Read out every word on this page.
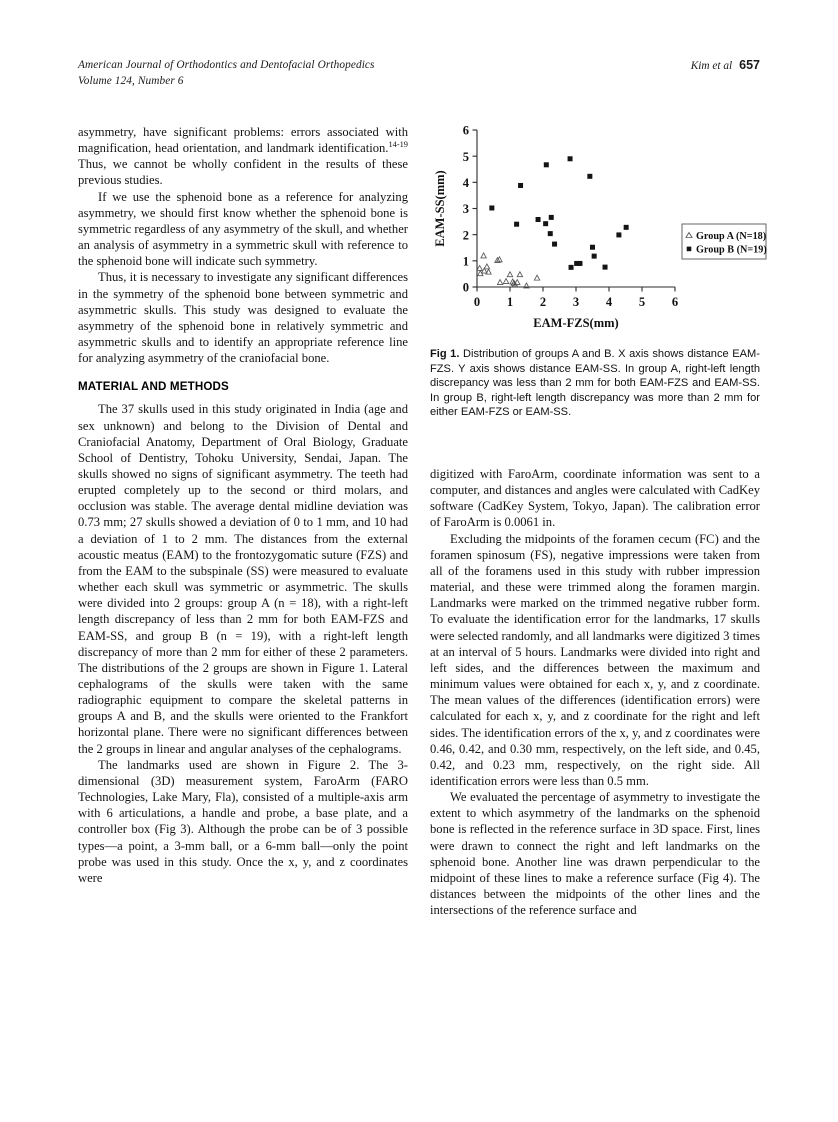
American Journal of Orthodontics and Dentofacial Orthopedics
Volume 124, Number 6
Kim et al 657

asymmetry, have significant problems: errors associated with magnification, head orientation, and landmark identification.$^{14-19}$ Thus, we cannot be wholly confident in the results of these previous studies.

If we use the sphenoid bone as a reference for analyzing asymmetry, we should first know whether the sphenoid bone is symmetric regardless of any asymmetry of the skull, and whether an analysis of asymmetry in a symmetric skull with reference to the sphenoid bone will indicate such symmetry.

Thus, it is necessary to investigate any significant differences in the symmetry of the sphenoid bone between symmetric and asymmetric skulls. This study was designed to evaluate the asymmetry of the sphenoid bone in relatively symmetric and asymmetric skulls and to identify an appropriate reference line for analyzing asymmetry of the craniofacial bone.

MATERIAL AND METHODS

The 37 skulls used in this study originated in India (age and sex unknown) and belong to the Division of Dental and Craniofacial Anatomy, Department of Oral Biology, Graduate School of Dentistry, Tohoku University, Sendai, Japan. The skulls showed no signs of significant asymmetry. The teeth had erupted completely up to the second or third molars, and occlusion was stable. The average dental midline deviation was 0.73 mm; 27 skulls showed a deviation of 0 to 1 mm, and 10 had a deviation of 1 to 2 mm. The distances from the external acoustic meatus (EAM) to the frontozygomatic suture (FZS) and from the EAM to the subspinale (SS) were measured to evaluate whether each skull was symmetric or asymmetric. The skulls were divided into 2 groups: group A (n = 18), with a right-left length discrepancy of less than 2 mm for both EAM-FZS and EAM-SS, and group B (n = 19), with a right-left length discrepancy of more than 2 mm for either of these 2 parameters. The distributions of the 2 groups are shown in Figure 1. Lateral cephalograms of the skulls were taken with the same radiographic equipment to compare the skeletal patterns in groups A and B, and the skulls were oriented to the Frankfort horizontal plane. There were no significant differences between the 2 groups in linear and angular analyses of the cephalograms.

The landmarks used are shown in Figure 2. The 3-dimensional (3D) measurement system, FaroArm (FARO Technologies, Lake Mary, Fla), consisted of a multiple-axis arm with 6 articulations, a handle and probe, a base plate, and a controller box (Fig 3). Although the probe can be of 3 possible types—a point, a 3-mm ball, or a 6-mm ball—only the point probe was used in this study. Once the x, y, and z coordinates were

0
1
2
3
4
5
6
0 1 2 3 4 5 6
EAM-FZS(mm)
EAM-SS(mm)	Group A (N=18)
Group B (N=19)
Fig 1. Distribution of groups A and B. X axis shows distance EAM-FZS. Y axis shows distance EAM-SS. In group A, right-left length discrepancy was less than 2 mm for both EAM-FZS and EAM-SS. In group B, right-left length discrepancy was more than 2 mm for either EAM-FZS or EAM-SS.

digitized with FaroArm, coordinate information was sent to a computer, and distances and angles were calculated with CadKey software (CadKey System, Tokyo, Japan). The calibration error of FaroArm is 0.0061 in.

Excluding the midpoints of the foramen cecum (FC) and the foramen spinosum (FS), negative impressions were taken from all of the foramens used in this study with rubber impression material, and these were trimmed along the foramen margin. Landmarks were marked on the trimmed negative rubber form. To evaluate the identification error for the landmarks, 17 skulls were selected randomly, and all landmarks were digitized 3 times at an interval of 5 hours. Landmarks were divided into right and left sides, and the differences between the maximum and minimum values were obtained for each x, y, and z coordinate. The mean values of the differences (identification errors) were calculated for each x, y, and z coordinate for the right and left sides. The identification errors of the x, y, and z coordinates were 0.46, 0.42, and 0.30 mm, respectively, on the left side, and 0.45, 0.42, and 0.23 mm, respectively, on the right side. All identification errors were less than 0.5 mm.

We evaluated the percentage of asymmetry to investigate the extent to which asymmetry of the landmarks on the sphenoid bone is reflected in the reference surface in 3D space. First, lines were drawn to connect the right and left landmarks on the sphenoid bone. Another line was drawn perpendicular to the midpoint of these lines to make a reference surface (Fig 4). The distances between the midpoints of the other lines and the intersections of the reference surface and
